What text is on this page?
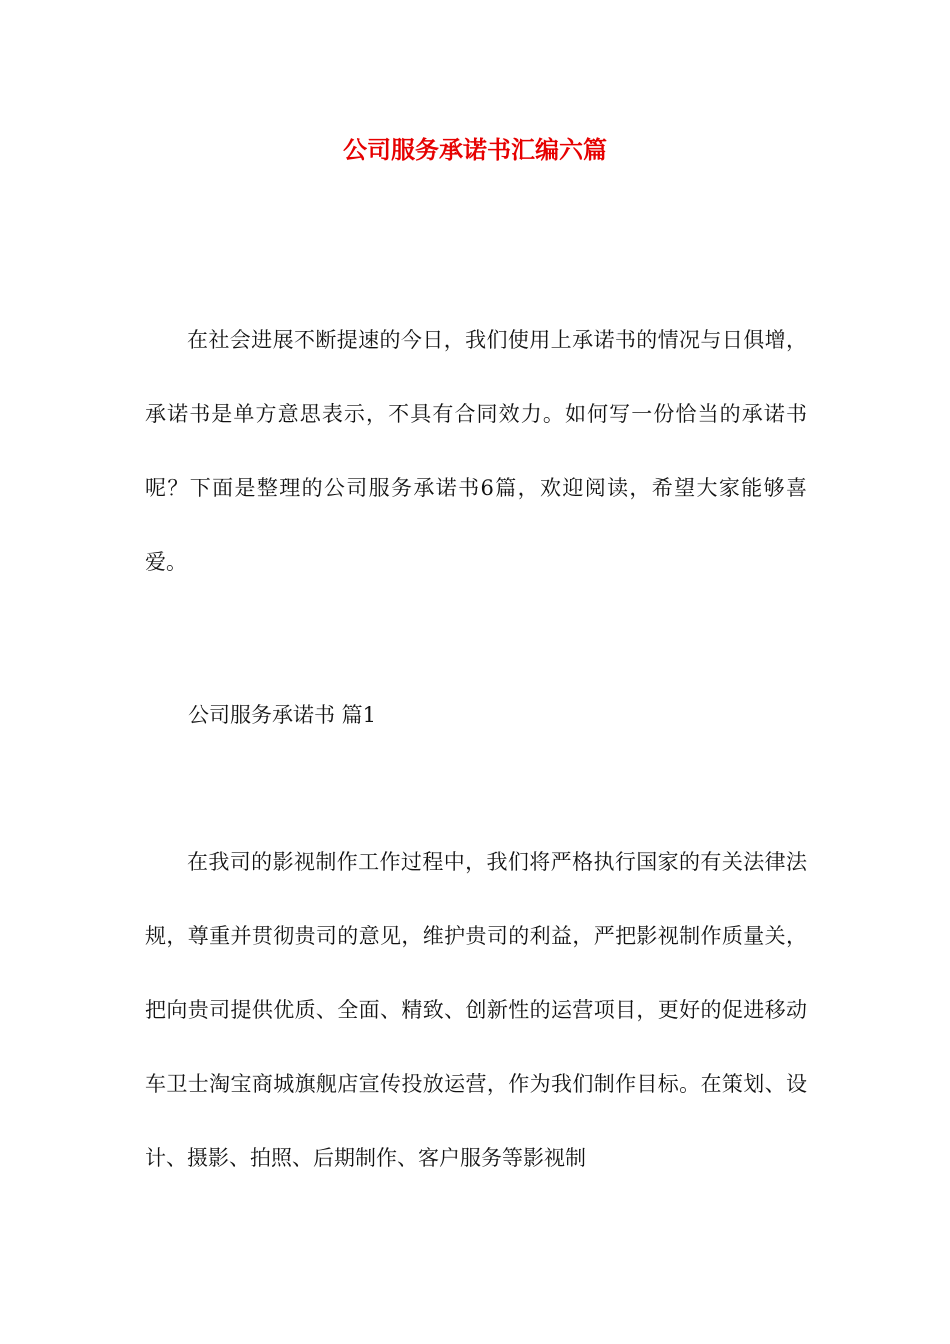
公司服务承诺书汇编六篇

在社会进展不断提速的今日，我们使用上承诺书的情况与日俱增，承诺书是单方意思表示，不具有合同效力。如何写一份恰当的承诺书呢？下面是整理的公司服务承诺书6篇，欢迎阅读，希望大家能够喜爱。

公司服务承诺书 篇1

在我司的影视制作工作过程中，我们将严格执行国家的有关法律法规，尊重并贯彻贵司的意见，维护贵司的利益，严把影视制作质量关，把向贵司提供优质、全面、精致、创新性的运营项目，更好的促进移动车卫士淘宝商城旗舰店宣传投放运营，作为我们制作目标。在策划、设计、摄影、拍照、后期制作、客户服务等影视制
